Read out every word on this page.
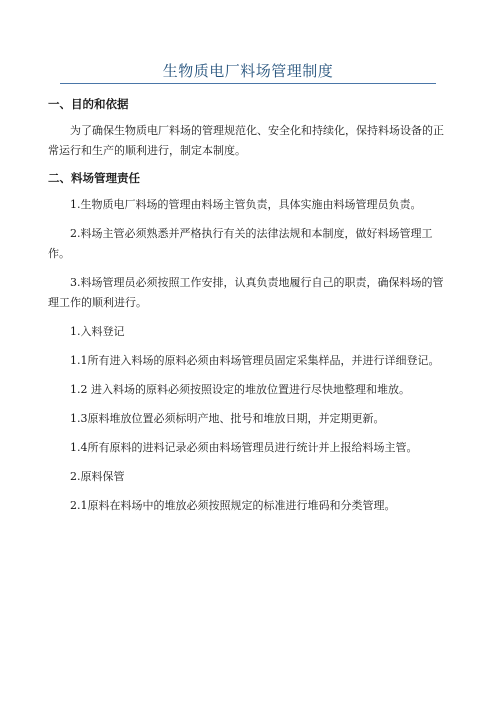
生物质电厂料场管理制度

一、目的和依据

为了确保生物质电厂料场的管理规范化、安全化和持续化，保持料场设备的正常运行和生产的顺利进行，制定本制度。

二、料场管理责任

1.生物质电厂料场的管理由料场主管负责，具体实施由料场管理员负责。

2.料场主管必须熟悉并严格执行有关的法律法规和本制度，做好料场管理工作。

3.料场管理员必须按照工作安排，认真负责地履行自己的职责，确保料场的管理工作的顺利进行。

1.入料登记

1.1所有进入料场的原料必须由料场管理员固定采集样品，并进行详细登记。

1.2 进入料场的原料必须按照设定的堆放位置进行尽快地整理和堆放。

1.3原料堆放位置必须标明产地、批号和堆放日期，并定期更新。

1.4所有原料的进料记录必须由料场管理员进行统计并上报给料场主管。

2.原料保管

2.1原料在料场中的堆放必须按照规定的标准进行堆码和分类管理。
